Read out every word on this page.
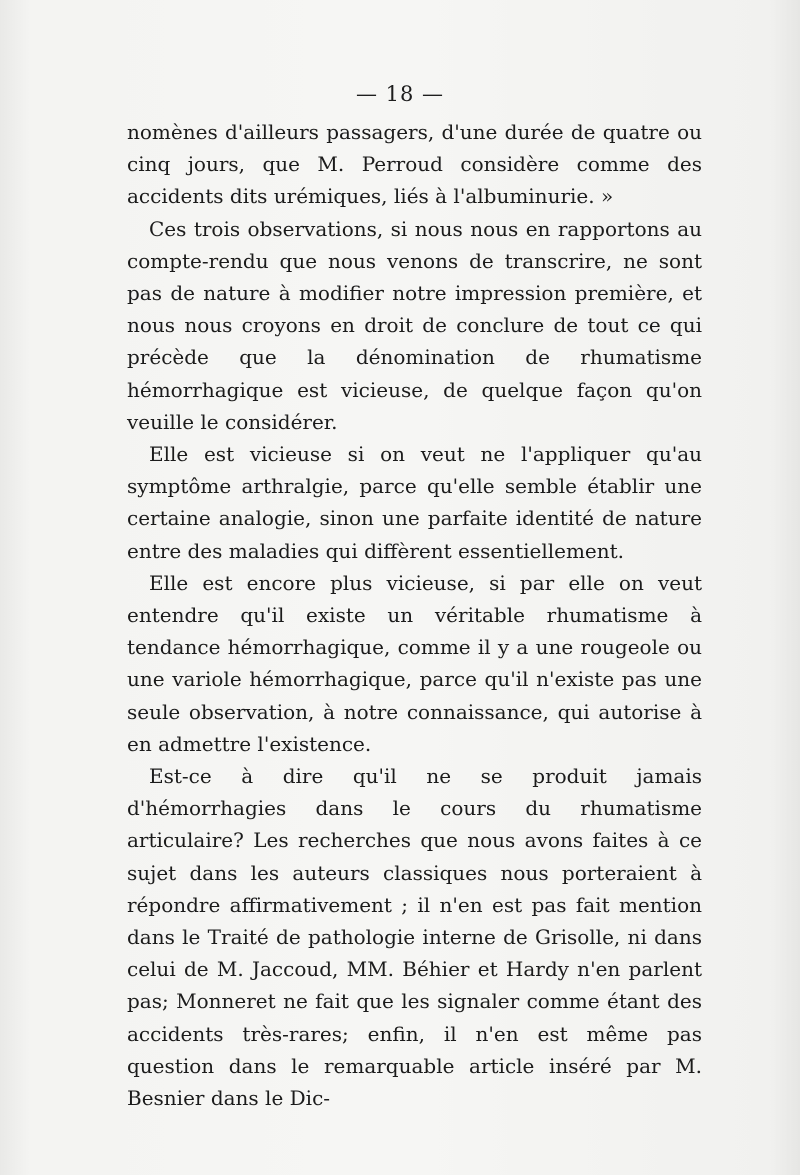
— 18 —

nomènes d'ailleurs passagers, d'une durée de quatre ou cinq jours, que M. Perroud considère comme des accidents dits urémiques, liés à l'albuminurie. »

Ces trois observations, si nous nous en rapportons au compte-rendu que nous venons de transcrire, ne sont pas de nature à modifier notre impression première, et nous nous croyons en droit de conclure de tout ce qui précède que la dénomination de rhumatisme hémorrhagique est vicieuse, de quelque façon qu'on veuille le considérer.

Elle est vicieuse si on veut ne l'appliquer qu'au symptôme arthralgie, parce qu'elle semble établir une certaine analogie, sinon une parfaite identité de nature entre des maladies qui diffèrent essentiellement.

Elle est encore plus vicieuse, si par elle on veut entendre qu'il existe un véritable rhumatisme à tendance hémorrhagique, comme il y a une rougeole ou une variole hémorrhagique, parce qu'il n'existe pas une seule observation, à notre connaissance, qui autorise à en admettre l'existence.

Est-ce à dire qu'il ne se produit jamais d'hémorrhagies dans le cours du rhumatisme articulaire? Les recherches que nous avons faites à ce sujet dans les auteurs classiques nous porteraient à répondre affirmativement ; il n'en est pas fait mention dans le Traité de pathologie interne de Grisolle, ni dans celui de M. Jaccoud, MM. Béhier et Hardy n'en parlent pas; Monneret ne fait que les signaler comme étant des accidents très-rares; enfin, il n'en est même pas question dans le remarquable article inséré par M. Besnier dans le Dic-
